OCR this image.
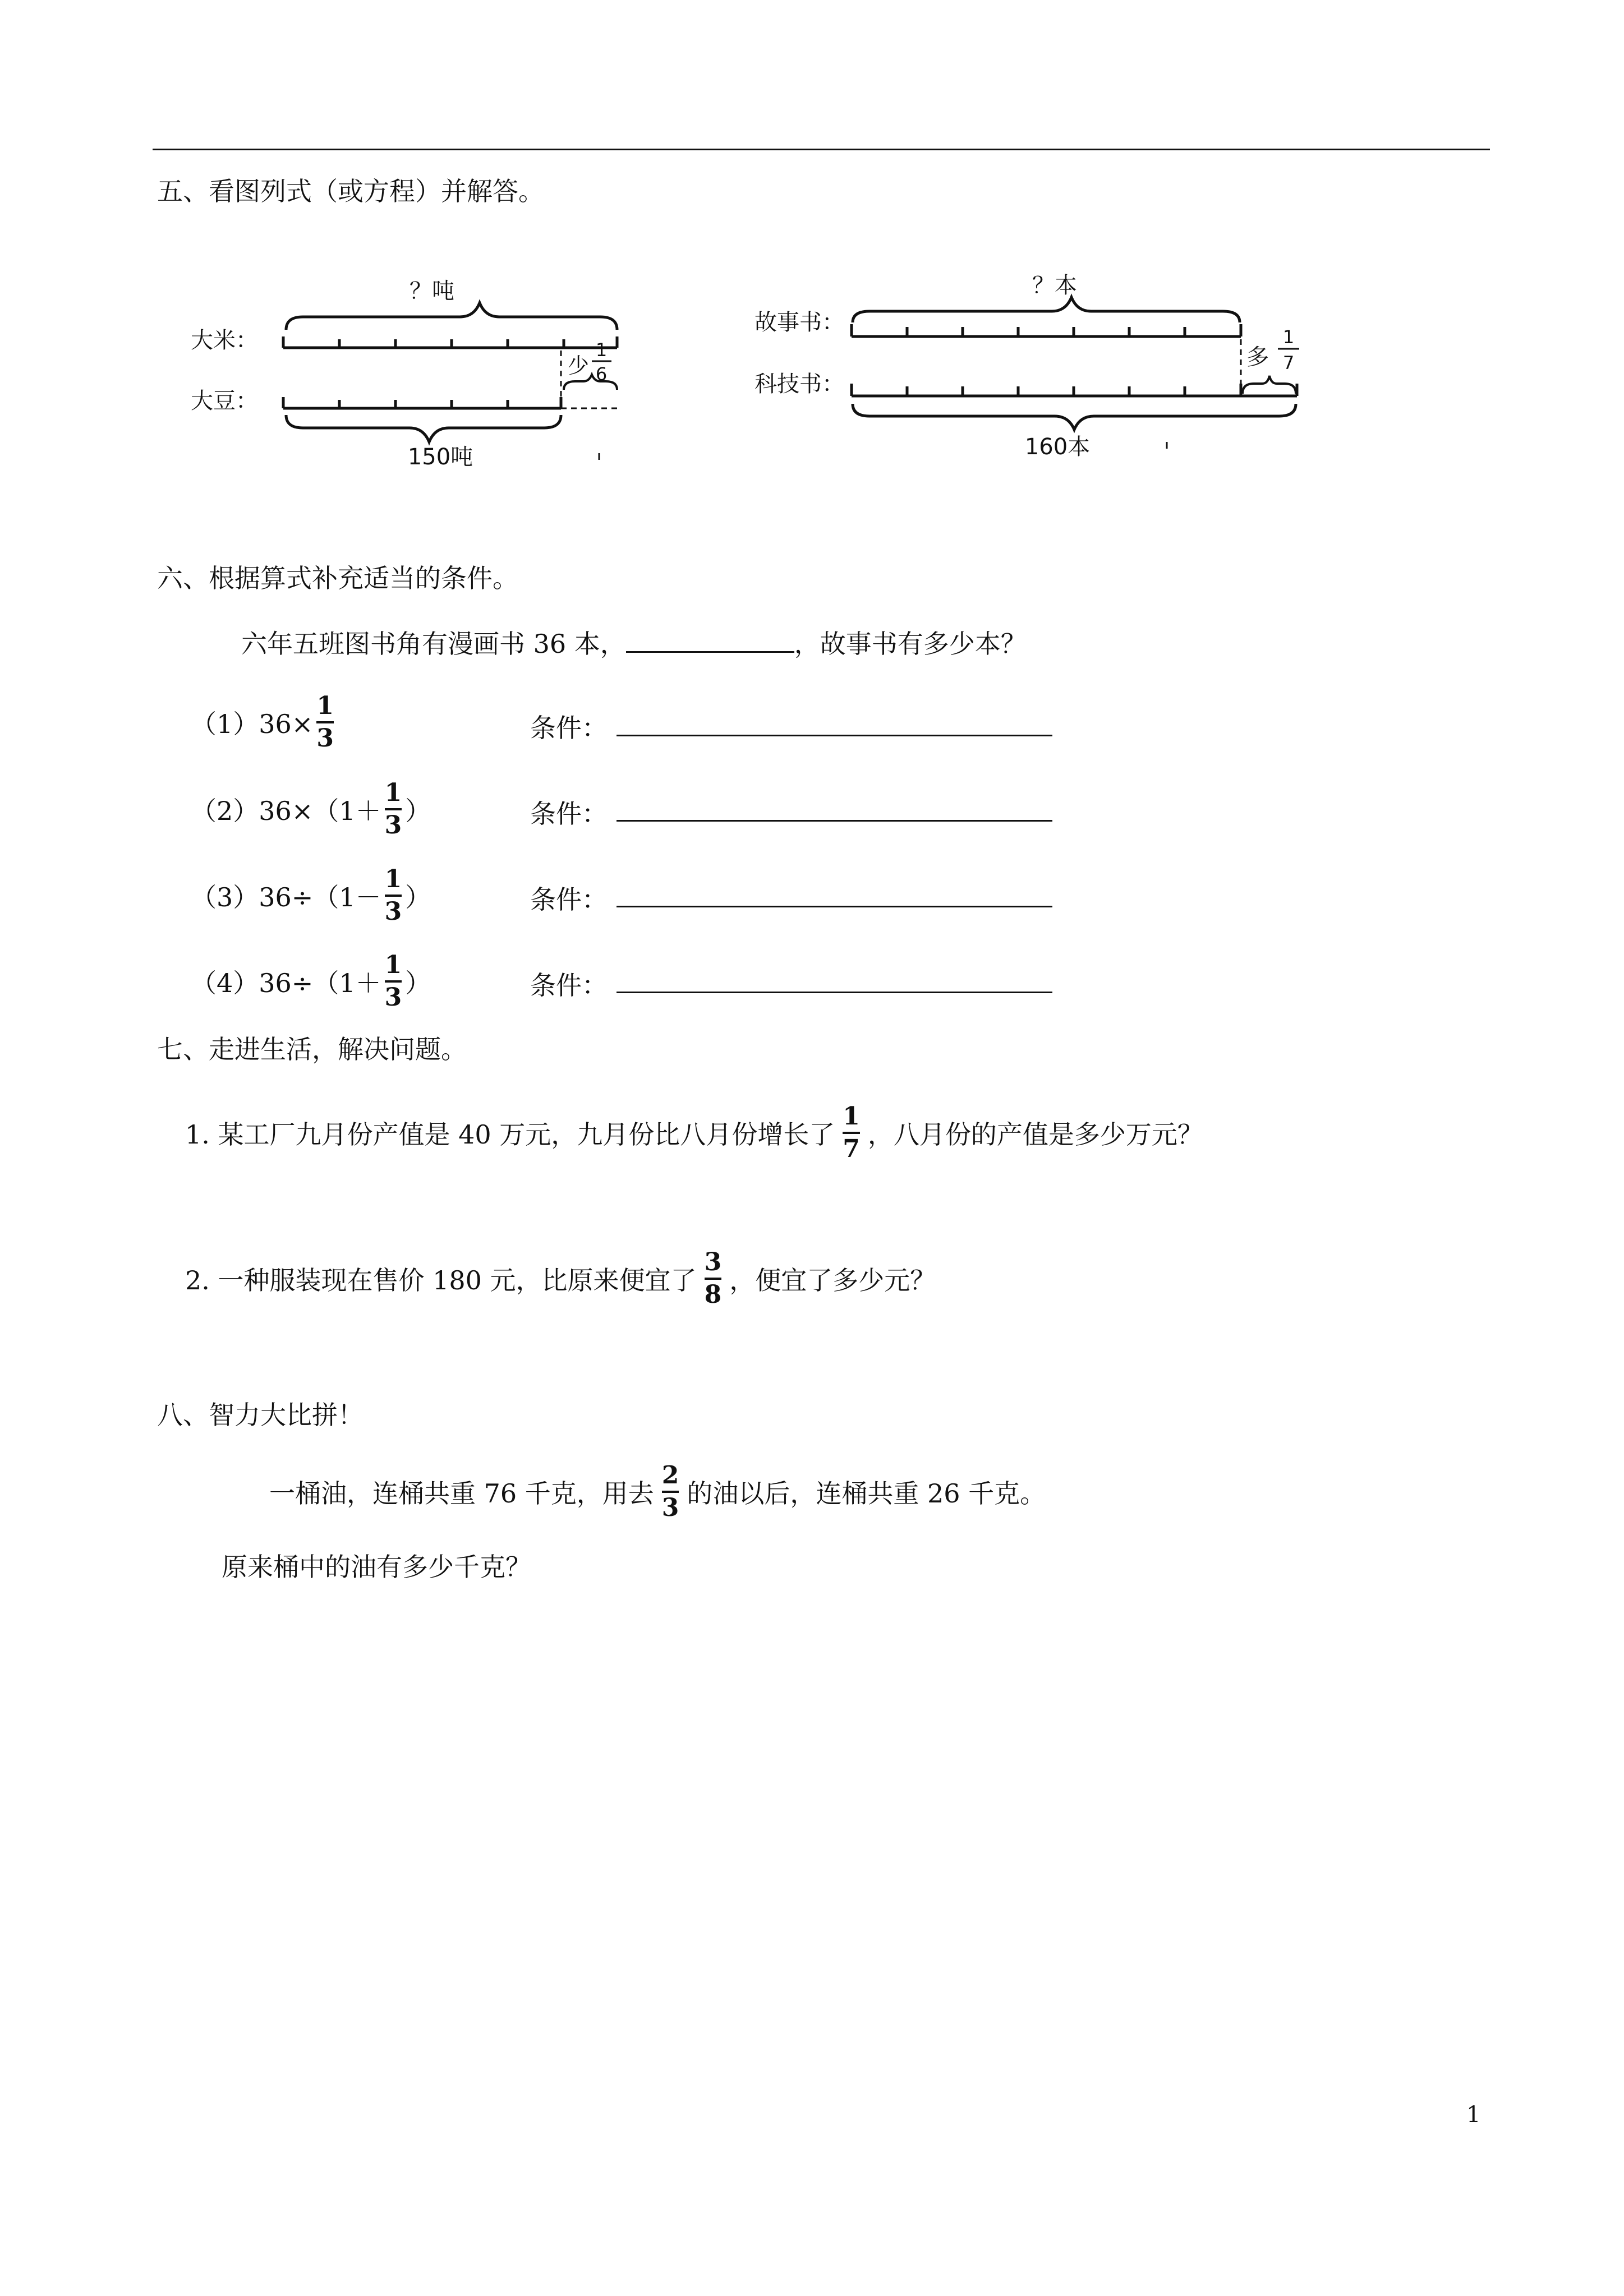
五、看图列式（或方程）并解答。
？吨
大米：
大豆：
少
1
6
150吨
？本
故事书：
科技书：
多
1
7
160本
六、根据算式补充适当的条件。
六年五班图书角有漫画书 36 本，	，故事书有多少本？
$(1)36\times \frac{1}{3}$	条件：
$(2)36\times(1+ \frac{1}{3}$ ）	条件：
$(3)36\div(1- \frac{1}{3}$ ）	条件：
$(4)36\div(1+ \frac{1}{3}$ ）	条件：
七、走进生活，解决问题。
1. 某工厂九月份产值是 40 万元，九月份比八月份增长了 $\frac{1}{7}$ ，八月份的产值是多少万元？
2. 一种服装现在售价 180 元，比原来便宜了 $\frac{3}{8}$ ，便宜了多少元？
八、智力大比拼！
一桶油，连桶共重 76 千克，用去 $\frac{2}{3}$ 的油以后，连桶共重 26 千克。
原来桶中的油有多少千克？
1
